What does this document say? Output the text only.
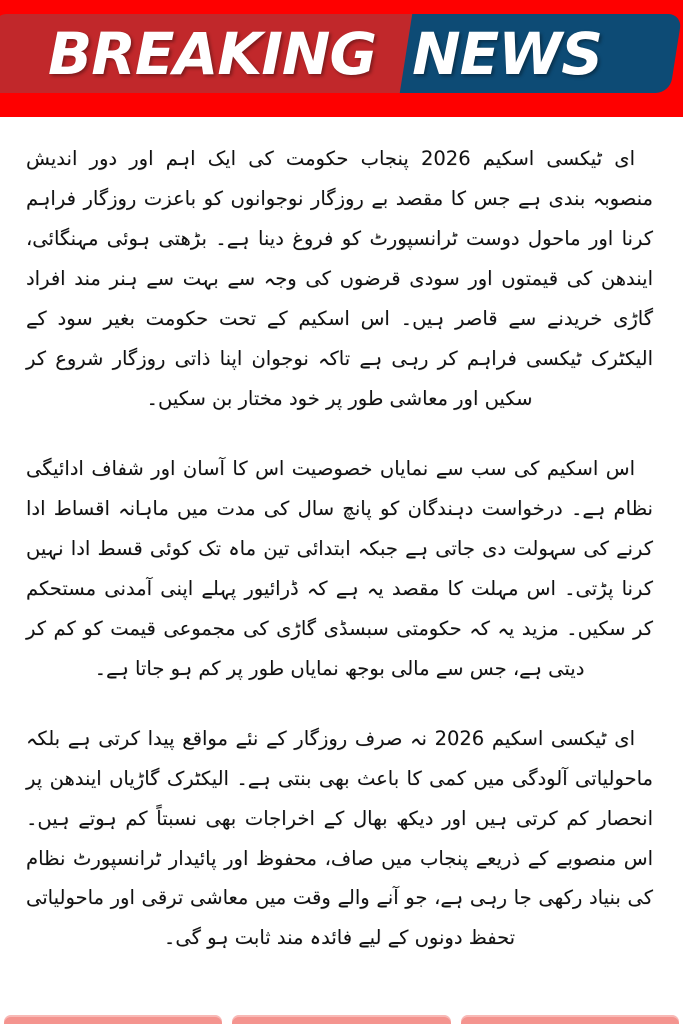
BREAKING NEWS

ای ٹیکسی اسکیم 2026 پنجاب حکومت کی ایک اہم اور دور اندیش منصوبہ بندی ہے جس کا مقصد بے روزگار نوجوانوں کو باعزت روزگار فراہم کرنا اور ماحول دوست ٹرانسپورٹ کو فروغ دینا ہے۔ بڑھتی ہوئی مہنگائی، ایندھن کی قیمتوں اور سودی قرضوں کی وجہ سے بہت سے ہنر مند افراد گاڑی خریدنے سے قاصر ہیں۔ اس اسکیم کے تحت حکومت بغیر سود کے الیکٹرک ٹیکسی فراہم کر رہی ہے تاکہ نوجوان اپنا ذاتی روزگار شروع کر سکیں اور معاشی طور پر خود مختار بن سکیں۔

اس اسکیم کی سب سے نمایاں خصوصیت اس کا آسان اور شفاف ادائیگی نظام ہے۔ درخواست دہندگان کو پانچ سال کی مدت میں ماہانہ اقساط ادا کرنے کی سہولت دی جاتی ہے جبکہ ابتدائی تین ماہ تک کوئی قسط ادا نہیں کرنا پڑتی۔ اس مہلت کا مقصد یہ ہے کہ ڈرائیور پہلے اپنی آمدنی مستحکم کر سکیں۔ مزید یہ کہ حکومتی سبسڈی گاڑی کی مجموعی قیمت کو کم کر دیتی ہے، جس سے مالی بوجھ نمایاں طور پر کم ہو جاتا ہے۔

ای ٹیکسی اسکیم 2026 نہ صرف روزگار کے نئے مواقع پیدا کرتی ہے بلکہ ماحولیاتی آلودگی میں کمی کا باعث بھی بنتی ہے۔ الیکٹرک گاڑیاں ایندھن پر انحصار کم کرتی ہیں اور دیکھ بھال کے اخراجات بھی نسبتاً کم ہوتے ہیں۔ اس منصوبے کے ذریعے پنجاب میں صاف، محفوظ اور پائیدار ٹرانسپورٹ نظام کی بنیاد رکھی جا رہی ہے، جو آنے والے وقت میں معاشی ترقی اور ماحولیاتی تحفظ دونوں کے لیے فائدہ مند ثابت ہو گی۔
